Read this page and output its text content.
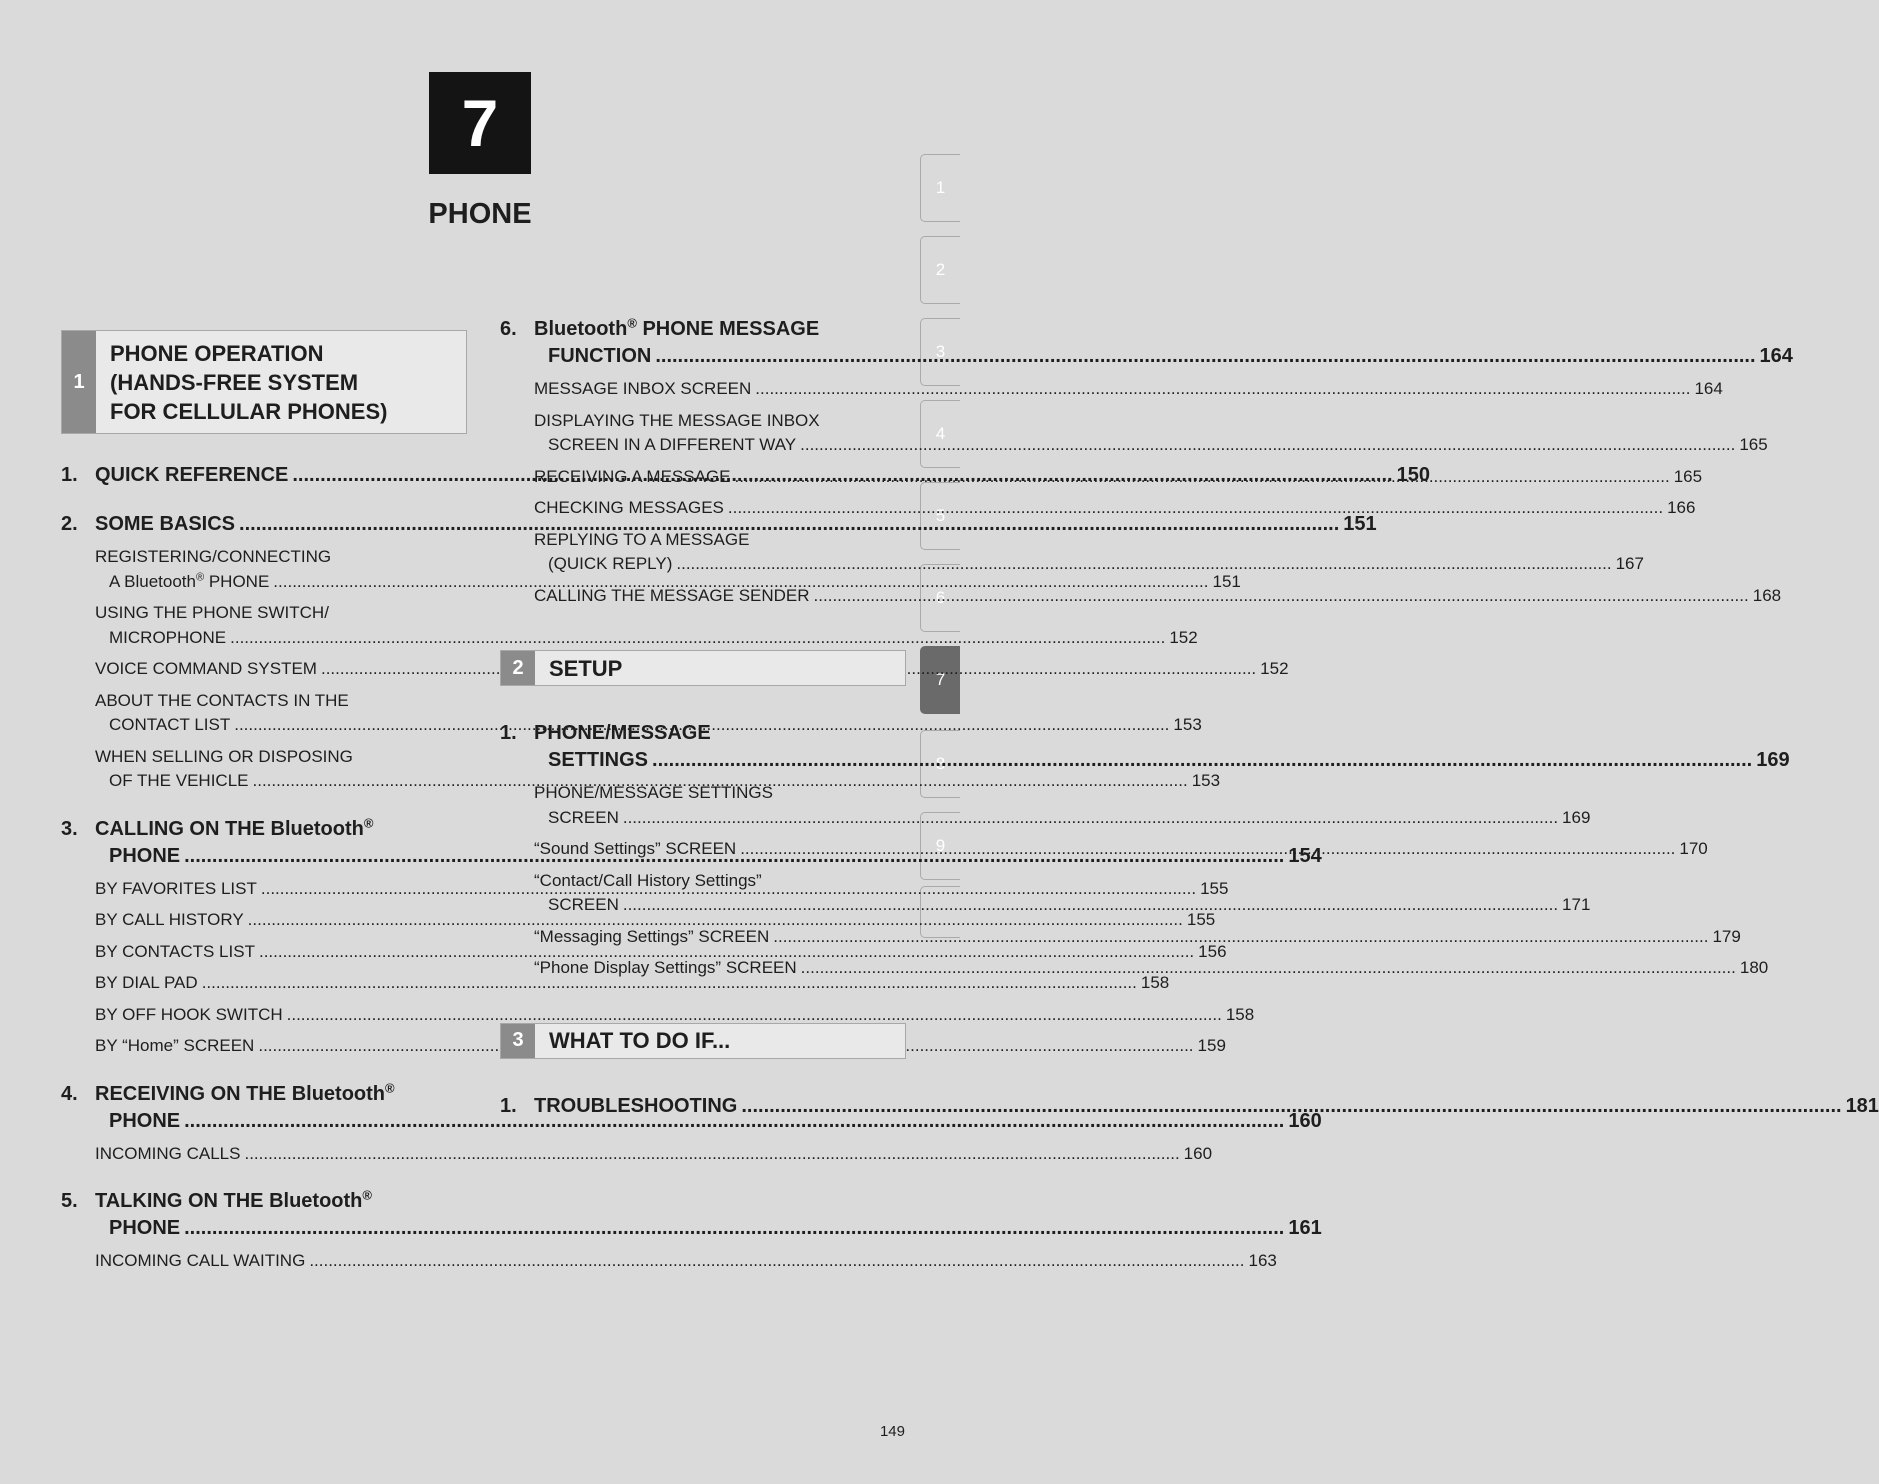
7
PHONE
1
2
3
4
5
6
7
8
9
1
PHONE OPERATION
(HANDS-FREE SYSTEM
FOR CELLULAR PHONES)
1. QUICK REFERENCE .....	150
2. SOME BASICS .....	151
REGISTERING/CONNECTING
A Bluetooth® PHONE .....	151
USING THE PHONE SWITCH/
MICROPHONE .....	152
VOICE COMMAND SYSTEM .....	152
ABOUT THE CONTACTS IN THE
CONTACT LIST .....	153
WHEN SELLING OR DISPOSING
OF THE VEHICLE .....	153
3. CALLING ON THE Bluetooth®
PHONE .....	154
BY FAVORITES LIST .....	155
BY CALL HISTORY .....	155
BY CONTACTS LIST .....	156
BY DIAL PAD .....	158
BY OFF HOOK SWITCH .....	158
BY “Home” SCREEN .....	159
4. RECEIVING ON THE Bluetooth®
PHONE .....	160
INCOMING CALLS .....	160
5. TALKING ON THE Bluetooth®
PHONE .....	161
INCOMING CALL WAITING .....	163
6. Bluetooth® PHONE MESSAGE
FUNCTION .....	164
MESSAGE INBOX SCREEN .....	164
DISPLAYING THE MESSAGE INBOX
SCREEN IN A DIFFERENT WAY .....	165
RECEIVING A MESSAGE .....	165
CHECKING MESSAGES .....	166
REPLYING TO A MESSAGE
(QUICK REPLY) .....	167
CALLING THE MESSAGE SENDER .....	168
2	SETUP
1. PHONE/MESSAGE
SETTINGS .....	169
PHONE/MESSAGE SETTINGS
SCREEN .....	169
“Sound Settings” SCREEN .....	170
“Contact/Call History Settings”
SCREEN .....	171
“Messaging Settings” SCREEN .....	179
“Phone Display Settings” SCREEN .....	180
3	WHAT TO DO IF...
1. TROUBLESHOOTING .....	181
149
